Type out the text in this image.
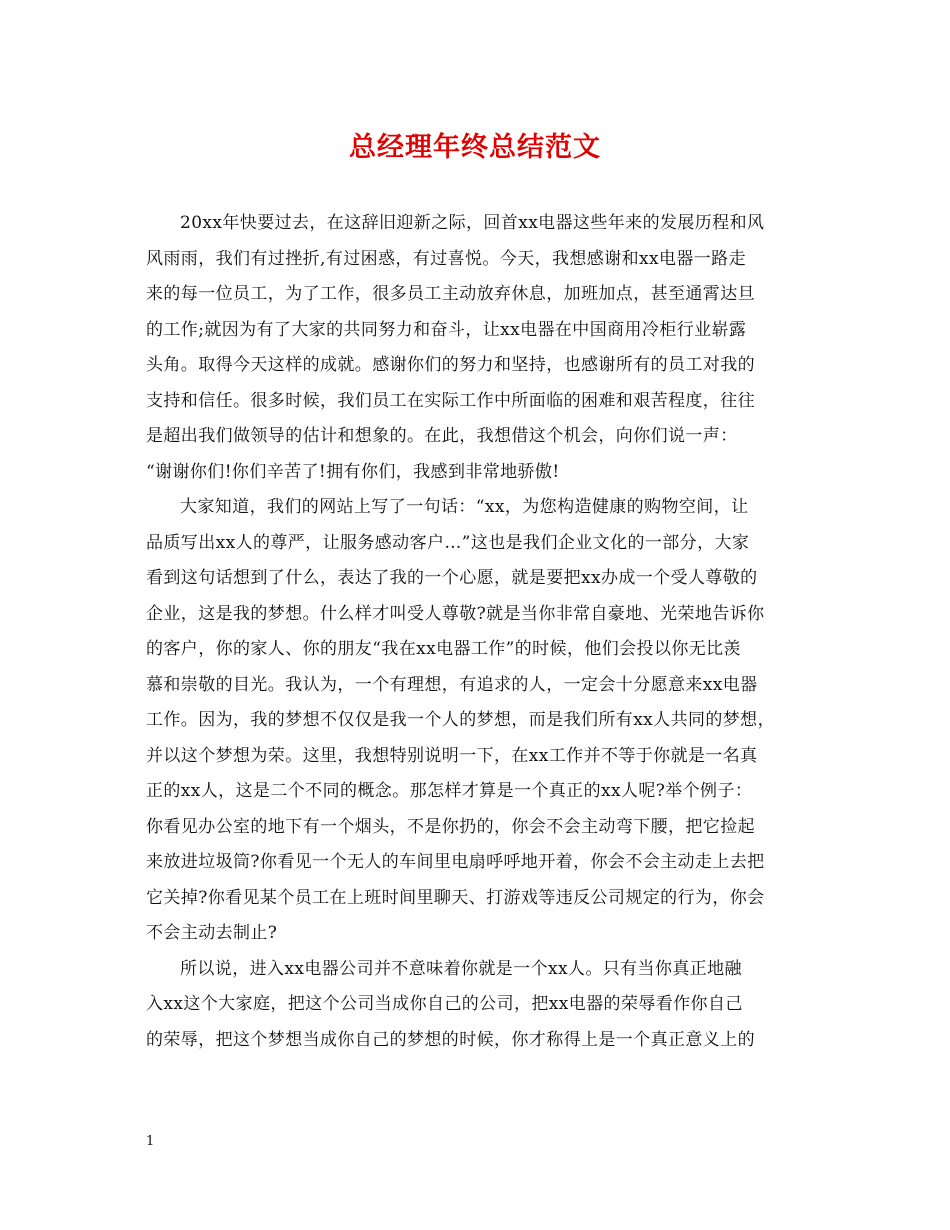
总经理年终总结范文
20xx年快要过去，在这辞旧迎新之际，回首xx电器这些年来的发展历程和风
风雨雨，我们有过挫折,有过困惑，有过喜悦。今天，我想感谢和xx电器一路走
来的每一位员工，为了工作，很多员工主动放弃休息，加班加点，甚至通霄达旦
的工作;就因为有了大家的共同努力和奋斗，让xx电器在中国商用冷柜行业崭露
头角。取得今天这样的成就。感谢你们的努力和坚持，也感谢所有的员工对我的
支持和信任。很多时候，我们员工在实际工作中所面临的困难和艰苦程度，往往
是超出我们做领导的估计和想象的。在此，我想借这个机会，向你们说一声：
“谢谢你们!你们辛苦了!拥有你们，我感到非常地骄傲!
大家知道，我们的网站上写了一句话：“xx，为您构造健康的购物空间，让
品质写出xx人的尊严，让服务感动客户…”这也是我们企业文化的一部分，大家
看到这句话想到了什么，表达了我的一个心愿，就是要把xx办成一个受人尊敬的
企业，这是我的梦想。什么样才叫受人尊敬?就是当你非常自豪地、光荣地告诉你
的客户，你的家人、你的朋友“我在xx电器工作”的时候，他们会投以你无比羡
慕和崇敬的目光。我认为，一个有理想，有追求的人，一定会十分愿意来xx电器
工作。因为，我的梦想不仅仅是我一个人的梦想，而是我们所有xx人共同的梦想，
并以这个梦想为荣。这里，我想特别说明一下，在xx工作并不等于你就是一名真
正的xx人，这是二个不同的概念。那怎样才算是一个真正的xx人呢?举个例子：
你看见办公室的地下有一个烟头，不是你扔的，你会不会主动弯下腰，把它捡起
来放进垃圾筒?你看见一个无人的车间里电扇呼呼地开着，你会不会主动走上去把
它关掉?你看见某个员工在上班时间里聊天、打游戏等违反公司规定的行为，你会
不会主动去制止?
所以说，进入xx电器公司并不意味着你就是一个xx人。只有当你真正地融
入xx这个大家庭，把这个公司当成你自己的公司，把xx电器的荣辱看作你自己
的荣辱，把这个梦想当成你自己的梦想的时候，你才称得上是一个真正意义上的
1
